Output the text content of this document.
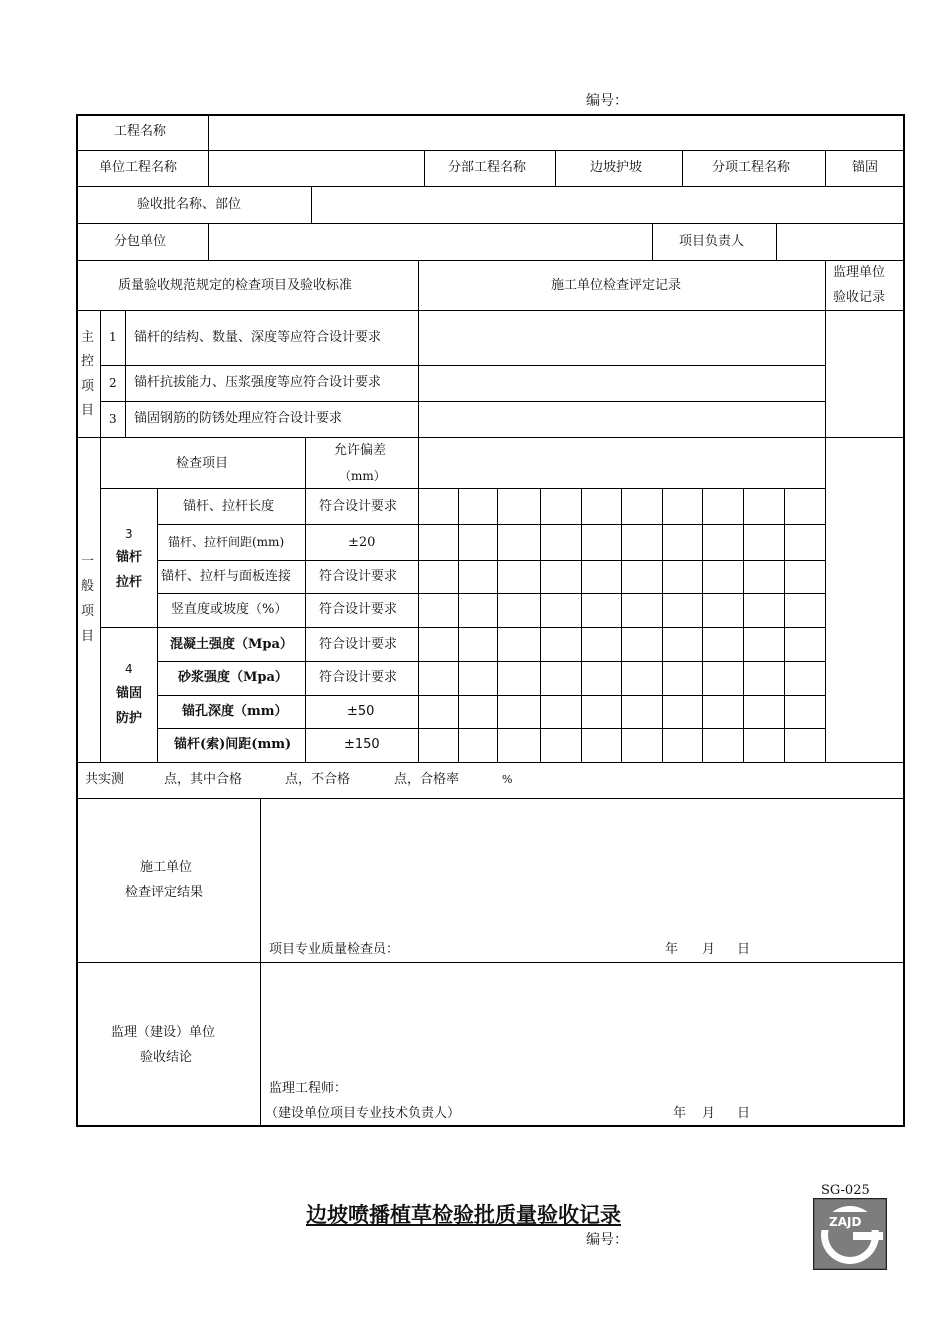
编号：
工程名称
单位工程名称	分部工程名称	边坡护坡	分项工程名称	锚固
验收批名称、部位
分包单位	项目负责人
质量验收规范规定的检查项目及验收标准	施工单位检查评定记录
监理单位
验收记录
主
控
项
目
1 锚杆的结构、数量、深度等应符合设计要求
2 锚杆抗拔能力、压浆强度等应符合设计要求
3 锚固钢筋的防锈处理应符合设计要求
一
般
项
目
检查项目
允许偏差
（mm）
3
锚杆
拉杆
锚杆、拉杆长度	符合设计要求
锚杆、拉杆间距(mm)	±20
锚杆、拉杆与面板连接 符合设计要求
竖直度或坡度（%） 符合设计要求
4
锚固
防护
混凝土强度（Mpa） 符合设计要求
砂浆强度（Mpa） 符合设计要求
锚孔深度（mm）	±50
锚杆(索)间距(mm)	±150
共实测	点，其中合格	点，不合格	点，合格率	%
施工单位
检查评定结果
项目专业质量检查员：	年 月 日
监理（建设）单位
验收结论
监理工程师：
（建设单位项目专业技术负责人）	年 月 日
SG-025
边坡喷播植草检验批质量验收记录
编号：
ZAJD
